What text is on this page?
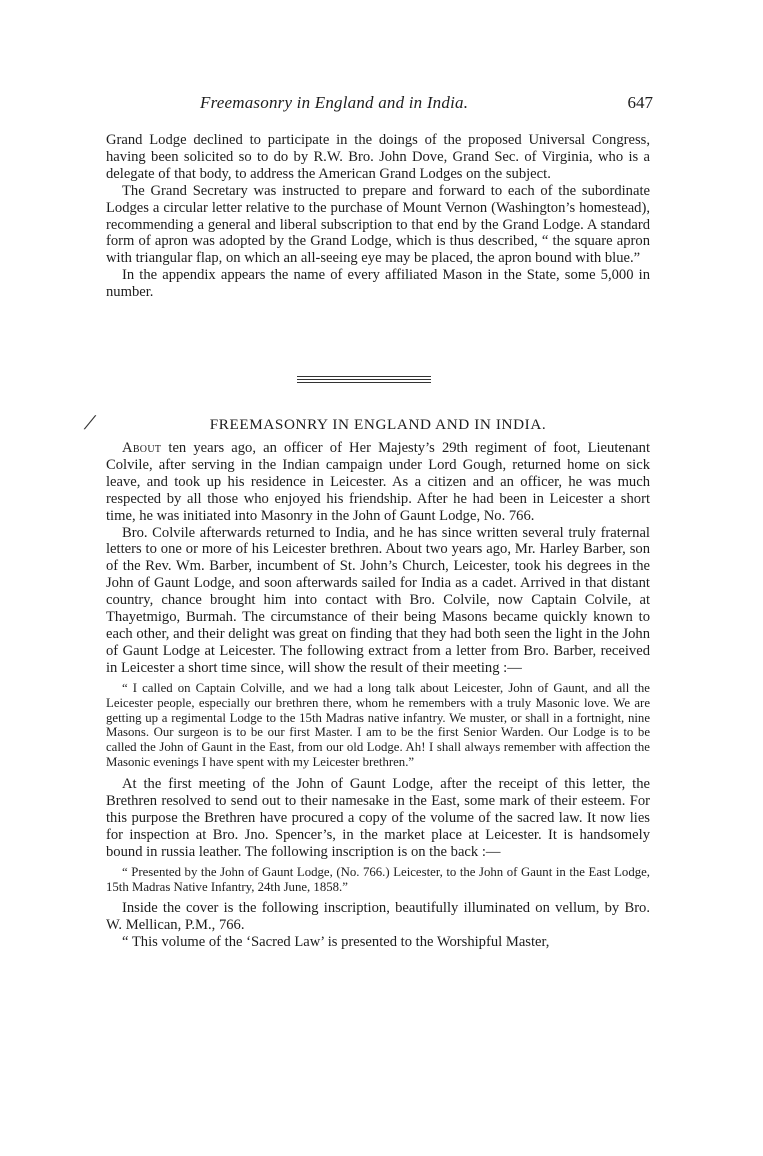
Freemasonry in England and in India.	647

Grand Lodge declined to participate in the doings of the proposed Universal Congress, having been solicited so to do by R.W. Bro. John Dove, Grand Sec. of Virginia, who is a delegate of that body, to address the American Grand Lodges on the subject.

The Grand Secretary was instructed to prepare and forward to each of the subordinate Lodges a circular letter relative to the purchase of Mount Vernon (Washington’s homestead), recommending a general and liberal subscription to that end by the Grand Lodge. A standard form of apron was adopted by the Grand Lodge, which is thus described, “ the square apron with triangular flap, on which an all-seeing eye may be placed, the apron bound with blue.”

In the appendix appears the name of every affiliated Mason in the State, some 5,000 in number.

/	FREEMASONRY IN ENGLAND AND IN INDIA.

About ten years ago, an officer of Her Majesty’s 29th regiment of foot, Lieutenant Colvile, after serving in the Indian campaign under Lord Gough, returned home on sick leave, and took up his residence in Leicester. As a citizen and an officer, he was much respected by all those who enjoyed his friendship. After he had been in Leicester a short time, he was initiated into Masonry in the John of Gaunt Lodge, No. 766.

Bro. Colvile afterwards returned to India, and he has since written several truly fraternal letters to one or more of his Leicester brethren. About two years ago, Mr. Harley Barber, son of the Rev. Wm. Barber, incumbent of St. John’s Church, Leicester, took his degrees in the John of Gaunt Lodge, and soon afterwards sailed for India as a cadet. Arrived in that distant country, chance brought him into contact with Bro. Colvile, now Captain Colvile, at Thayetmigo, Burmah. The circumstance of their being Masons became quickly known to each other, and their delight was great on finding that they had both seen the light in the John of Gaunt Lodge at Leicester. The following extract from a letter from Bro. Barber, received in Leicester a short time since, will show the result of their meeting :—

“ I called on Captain Colville, and we had a long talk about Leicester, John of Gaunt, and all the Leicester people, especially our brethren there, whom he remembers with a truly Masonic love. We are getting up a regimental Lodge to the 15th Madras native infantry. We muster, or shall in a fortnight, nine Masons. Our surgeon is to be our first Master. I am to be the first Senior Warden. Our Lodge is to be called the John of Gaunt in the East, from our old Lodge. Ah! I shall always remember with affection the Masonic evenings I have spent with my Leicester brethren.”

At the first meeting of the John of Gaunt Lodge, after the receipt of this letter, the Brethren resolved to send out to their namesake in the East, some mark of their esteem. For this purpose the Brethren have procured a copy of the volume of the sacred law. It now lies for inspection at Bro. Jno. Spencer’s, in the market place at Leicester. It is handsomely bound in russia leather. The following inscription is on the back :—

“ Presented by the John of Gaunt Lodge, (No. 766.) Leicester, to the John of Gaunt in the East Lodge, 15th Madras Native Infantry, 24th June, 1858.”

Inside the cover is the following inscription, beautifully illuminated on vellum, by Bro. W. Mellican, P.M., 766.

“ This volume of the ‘Sacred Law’ is presented to the Worshipful Master,
